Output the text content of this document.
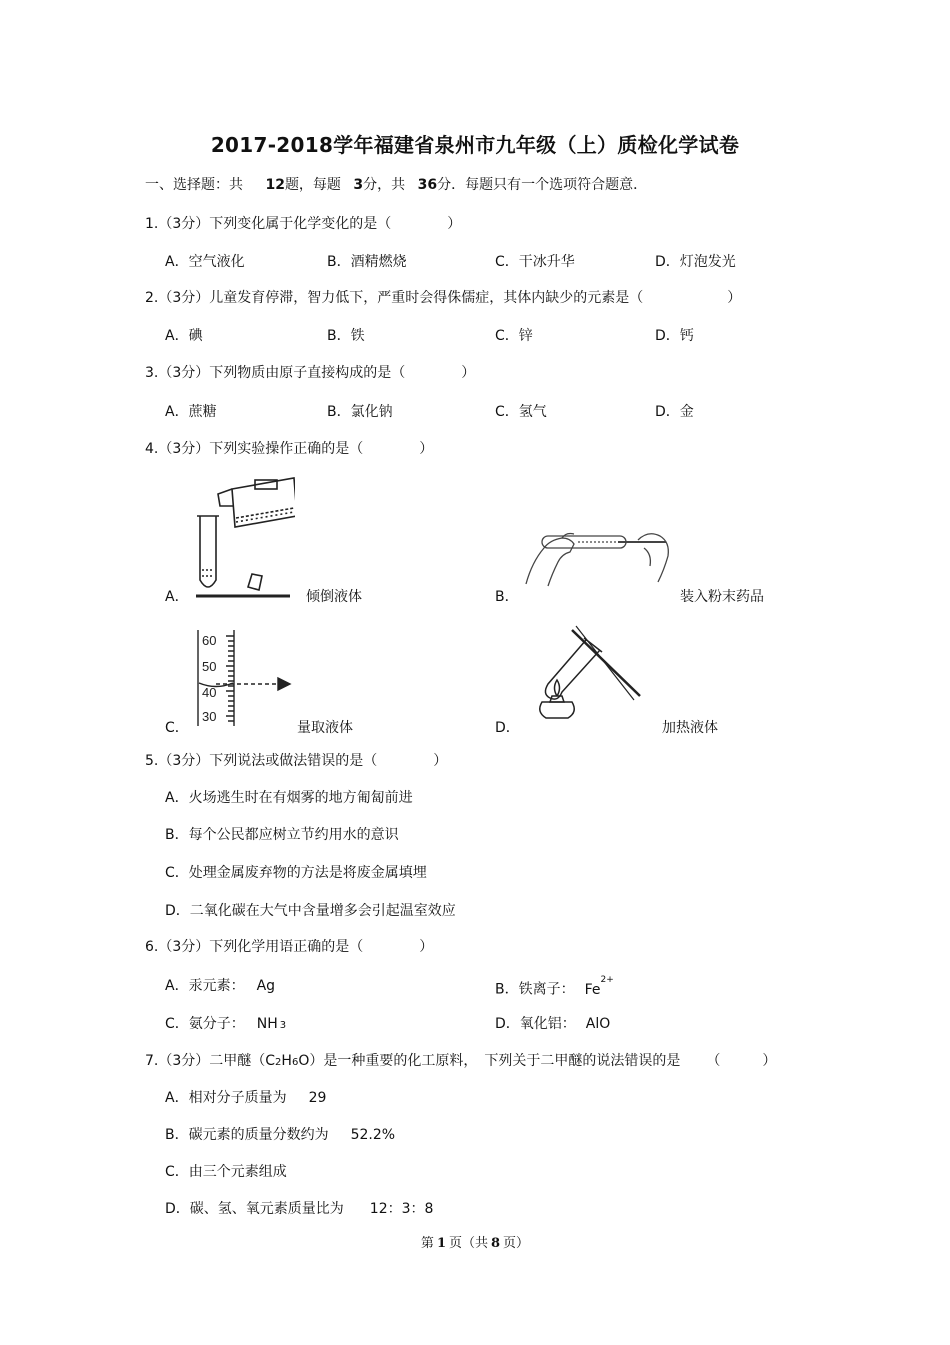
2017-2018学年福建省泉州市九年级（上）质检化学试卷
一、选择题：共 12题，每题 3分，共 36分．每题只有一个选项符合题意．
1.（3分）下列变化属于化学变化的是（　　　　）
A．空气液化	B．酒精燃烧	C．干冰升华	D．灯泡发光
2.（3分）儿童发育停滞，智力低下，严重时会得侏儒症，其体内缺少的元素是（　　　　　　）
A．碘	B．铁	C．锌	D．钙
3.（3分）下列物质由原子直接构成的是（　　　　）
A．蔗糖	B．氯化钠	C．氢气	D．金
4.（3分）下列实验操作正确的是（　　　　）
A．	倾倒液体	B．	装入粉末药品
60
50
40
30
C．	量取液体	D．	加热液体
5.（3分）下列说法或做法错误的是（　　　　）
A．火场逃生时在有烟雾的地方匍匐前进
B．每个公民都应树立节约用水的意识
C．处理金属废弃物的方法是将废金属填埋
D．二氧化碳在大气中含量增多会引起温室效应
6.（3分）下列化学用语正确的是（　　　　）
A．汞元素： Ag	B．铁离子： $Fe^{2+}$
C．氨分子： NH 3	D．氧化铝： AlO
7.（3分）二甲醚（C2H6O）是一种重要的化工原料，　下列关于二甲醚的说法错误的是 （　　　）
A．相对分子质量为 29
B．碳元素的质量分数约为 52.2%
C．由三个元素组成
D．碳、氢、氧元素质量比为 12：3：8
第 1 页（共 8 页）
